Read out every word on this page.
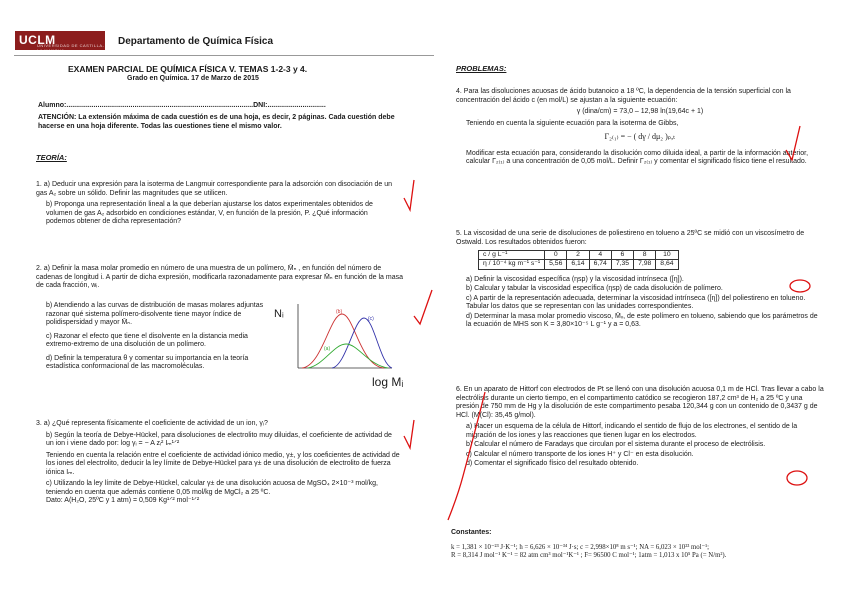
UCLM
UNIVERSIDAD DE CASTILLA-LA MANCHA
Departamento de Química Física
EXAMEN PARCIAL DE QUÍMICA FÍSICA V. TEMAS 1-2-3 y 4.
Grado en Química. 17 de Marzo de 2015
Alumno:................................................................................................DNI:..............................
ATENCIÓN: La extensión máxima de cada cuestión es de una hoja, es decir, 2 páginas. Cada cuestión debe hacerse en una hoja diferente. Todas las cuestiones tiene el mismo valor.
TEORÍA:

1. a) Deducir una expresión para la isoterma de Langmuir correspondiente para la adsorción con disociación de un gas A₂ sobre un sólido. Definir las magnitudes que se utilicen.

b) Proponga una representación lineal a la que deberían ajustarse los datos experimentales obtenidos de volumen de gas A₂ adsorbido en condiciones estándar, V, en función de la presión, P. ¿Qué información podemos obtener de dicha representación?

2. a) Definir la masa molar promedio en número de una muestra de un polímero, M̄ₙ , en función del número de cadenas de longitud i. A partir de dicha expresión, modificarla razonadamente para expresar M̄ₙ en función de la masa de cada fracción, wᵢ.

b) Atendiendo a las curvas de distribución de masas molares adjuntas razonar qué sistema polímero-disolvente tiene mayor índice de polidispersidad y mayor M̄ₙ.

c) Razonar el efecto que tiene el disolvente en la distancia media extremo-extremo de una disolución de un polímero.

d) Definir la temperatura θ y comentar su importancia en la teoría estadística conformacional de las macromoléculas.

Nᵢ
log Mᵢ
(b)
(c)
(a)

3. a) ¿Qué representa físicamente el coeficiente de actividad de un ion, γᵢ?

b) Según la teoría de Debye-Hückel, para disoluciones de electrolito muy diluidas, el coeficiente de actividad de un ion i viene dado por: log γᵢ = − A zᵢ² Iₘ¹ᐟ²

Teniendo en cuenta la relación entre el coeficiente de actividad iónico medio, γ±, y los coeficientes de actividad de los iones del electrolito, deducir la ley límite de Debye-Hückel para γ± de una disolución de electrolito de fuerza iónica Iₘ.

c) Utilizando la ley límite de Debye-Hückel, calcular γ± de una disolución acuosa de MgSO₄ 2×10⁻³ mol/kg, teniendo en cuenta que además contiene 0,05 mol/kg de MgCl₂ a 25 ºC.

Dato: A(H₂O, 25ºC y 1 atm) = 0,509 Kg¹ᐟ² mol⁻¹ᐟ²

PROBLEMAS:

4. Para las disoluciones acuosas de ácido butanoico a 18 ºC, la dependencia de la tensión superficial con la concentración del ácido c (en mol/L) se ajustan a la siguiente ecuación:

γ (dina/cm) = 73,0 – 12,98 ln(19,64c + 1)

Teniendo en cuenta la siguiente ecuación para la isoterma de Gibbs,

Γ₂₍₁₎ = − ( dγ / dμ₂ )ₚ,ₜ

Modificar esta ecuación para, considerando la disolución como diluida ideal, a partir de la información anterior, calcular Γ₂₍₁₎ a una concentración de 0,05 mol/L. Definir Γ₂₍₁₎ y comentar el significado físico tiene el resultado.

5. La viscosidad de una serie de disoluciones de poliestireno en tolueno a 25ºC se midió con un viscosímetro de Ostwald. Los resultados obtenidos fueron:

c / g L⁻¹	0	2	4	6	8	10
η / 10⁻⁴ kg m⁻¹ s⁻¹	5,56	6,14	6,74	7,35	7,98	8,64

a) Definir la viscosidad específica (ηsp) y la viscosidad intrínseca ([η]).

b) Calcular y tabular la viscosidad específica (ηsp) de cada disolución de polímero.

c) A partir de la representación adecuada, determinar la viscosidad intrínseca ([η]) del poliestireno en tolueno. Tabular los datos que se representan con las unidades correspondientes.

d) Determinar la masa molar promedio viscoso, M̄ᵥ, de este polímero en tolueno, sabiendo que los parámetros de la ecuación de MHS son K = 3,80×10⁻⁵ L g⁻¹ y a = 0,63.

6. En un aparato de Hittorf con electrodos de Pt se llenó con una disolución acuosa 0,1 m de HCl. Tras llevar a cabo la electrólisis durante un cierto tiempo, en el compartimento catódico se recogieron 187,2 cm³ de H₂ a 25 ºC y una presión de 750 mm de Hg y la disolución de este compartimento pesaba 120,344 g con un contenido de 0,3437 g de HCl. (M(Cl): 35,45 g/mol).

a) Hacer un esquema de la célula de Hittorf, indicando el sentido de flujo de los electrones, el sentido de la migración de los iones y las reacciones que tienen lugar en los electrodos.

b) Calcular el número de Faradays que circulan por el sistema durante el proceso de electrólisis.

c) Calcular el número transporte de los iones H⁺ y Cl⁻ en esta disolución.

d) Comentar el significado físico del resultado obtenido.

Constantes:
k = 1,381 × 10⁻²³ J·K⁻¹; h = 6,626 × 10⁻³⁴ J·s; c = 2,998×10⁸ m s⁻¹; NA = 6,023 × 10²³ mol⁻¹;
R = 8,314 J mol⁻¹ K⁻¹ = 82 atm cm³ mol⁻¹K⁻¹ ; F= 96500 C mol⁻¹; 1atm = 1,013 x 10⁵ Pa (= N/m²).
